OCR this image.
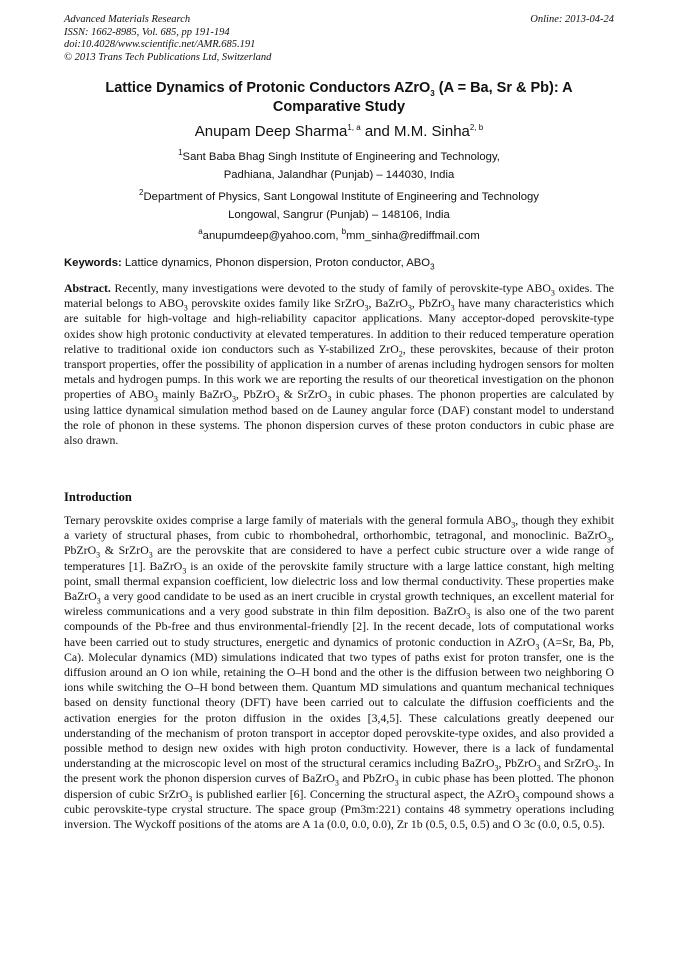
Advanced Materials Research
ISSN: 1662-8985, Vol. 685, pp 191-194
doi:10.4028/www.scientific.net/AMR.685.191
© 2013 Trans Tech Publications Ltd, Switzerland
Online: 2013-04-24
Lattice Dynamics of Protonic Conductors AZrO$_3$ (A = Ba, Sr & Pb): A Comparative Study
Anupam Deep Sharma$^{1, a}$ and M.M. Sinha$^{2, b}$
$^1$Sant Baba Bhag Singh Institute of Engineering and Technology,
Padhiana, Jalandhar (Punjab) – 144030, India
$^2$Department of Physics, Sant Longowal Institute of Engineering and Technology
Longowal, Sangrur (Punjab) – 148106, India
$^a$anupumdeep@yahoo.com, $^b$mm_sinha@rediffmail.com
Keywords: Lattice dynamics, Phonon dispersion, Proton conductor, $ABO_3$

Abstract. Recently, many investigations were devoted to the study of family of perovskite-type $ABO_3$ oxides. The material belongs to $ABO_3$ perovskite oxides family like SrZrO$_3$, BaZrO$_3$, PbZrO$_3$ have many characteristics which are suitable for high-voltage and high-reliability capacitor applications. Many acceptor-doped perovskite-type oxides show high protonic conductivity at elevated temperatures. In addition to their reduced temperature operation relative to traditional oxide ion conductors such as Y-stabilized ZrO$_2$, these perovskites, because of their proton transport properties, offer the possibility of application in a number of arenas including hydrogen sensors for molten metals and hydrogen pumps. In this work we are reporting the results of our theoretical investigation on the phonon properties of $ABO_3$ mainly BaZrO$_3$, PbZrO$_3$ & SrZrO$_3$ in cubic phases. The phonon properties are calculated by using lattice dynamical simulation method based on de Launey angular force (DAF) constant model to understand the role of phonon in these systems. The phonon dispersion curves of these proton conductors in cubic phase are also drawn.

Introduction

Ternary perovskite oxides comprise a large family of materials with the general formula $ABO_3$, though they exhibit a variety of structural phases, from cubic to rhombohedral, orthorhombic, tetragonal, and monoclinic. BaZrO$_3$, PbZrO$_3$ & SrZrO$_3$ are the perovskite that are considered to have a perfect cubic structure over a wide range of temperatures [1]. BaZrO$_3$ is an oxide of the perovskite family structure with a large lattice constant, high melting point, small thermal expansion coefficient, low dielectric loss and low thermal conductivity. These properties make BaZrO$_3$ a very good candidate to be used as an inert crucible in crystal growth techniques, an excellent material for wireless communications and a very good substrate in thin film deposition. BaZrO$_3$ is also one of the two parent compounds of the Pb-free and thus environmental-friendly [2]. In the recent decade, lots of computational works have been carried out to study structures, energetic and dynamics of protonic conduction in AZrO$_3$ (A=Sr, Ba, Pb, Ca). Molecular dynamics (MD) simulations indicated that two types of paths exist for proton transfer, one is the diffusion around an O ion while, retaining the O–H bond and the other is the diffusion between two neighboring O ions while switching the O–H bond between them. Quantum MD simulations and quantum mechanical techniques based on density functional theory (DFT) have been carried out to calculate the diffusion coefficients and the activation energies for the proton diffusion in the oxides [3,4,5]. These calculations greatly deepened our understanding of the mechanism of proton transport in acceptor doped perovskite-type oxides, and also provided a possible method to design new oxides with high proton conductivity. However, there is a lack of fundamental understanding at the microscopic level on most of the structural ceramics including BaZrO$_3$, PbZrO$_3$ and SrZrO$_3$. In the present work the phonon dispersion curves of BaZrO$_3$ and PbZrO$_3$ in cubic phase has been plotted. The phonon dispersion of cubic SrZrO$_3$ is published earlier [6]. Concerning the structural aspect, the AZrO$_3$ compound shows a cubic perovskite-type crystal structure. The space group (Pm3m:221) contains 48 symmetry operations including inversion. The Wyckoff positions of the atoms are A 1a (0.0, 0.0, 0.0), Zr 1b (0.5, 0.5, 0.5) and O 3c (0.0, 0.5, 0.5).
